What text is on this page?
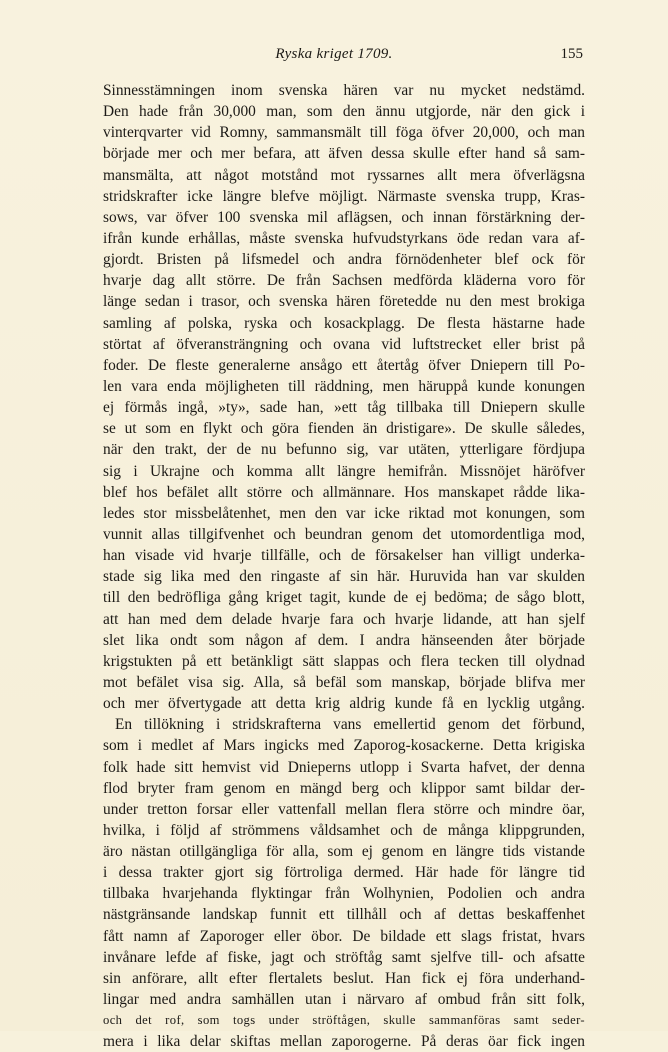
Ryska kriget 1709.	155
Sinnesstämningen inom svenska hären var nu mycket nedstämd.
Den hade från 30,000 man, som den ännu utgjorde, när den gick i
vinterqvarter vid Romny, sammansmält till föga öfver 20,000, och man
började mer och mer befara, att äfven dessa skulle efter hand så sam-
mansmälta, att något motstånd mot ryssarnes allt mera öfverlägsna
stridskrafter icke längre blefve möjligt. Närmaste svenska trupp, Kras-
sows, var öfver 100 svenska mil aflägsen, och innan förstärkning der-
ifrån kunde erhållas, måste svenska hufvudstyrkans öde redan vara af-
gjordt. Bristen på lifsmedel och andra förnödenheter blef ock för
hvarje dag allt större. De från Sachsen medförda kläderna voro för
länge sedan i trasor, och svenska hären företedde nu den mest brokiga
samling af polska, ryska och kosackplagg. De flesta hästarne hade
störtat af öfveransträngning och ovana vid luftstrecket eller brist på
foder. De fleste generalerne ansågo ett återtåg öfver Dniepern till Po-
len vara enda möjligheten till räddning, men häruppå kunde konungen
ej förmås ingå, »ty», sade han, »ett tåg tillbaka till Dniepern skulle
se ut som en flykt och göra fienden än dristigare». De skulle således,
när den trakt, der de nu befunno sig, var utäten, ytterligare fördjupa
sig i Ukrajne och komma allt längre hemifrån. Missnöjet häröfver
blef hos befälet allt större och allmännare. Hos manskapet rådde lika-
ledes stor missbelåtenhet, men den var icke riktad mot konungen, som
vunnit allas tillgifvenhet och beundran genom det utomordentliga mod,
han visade vid hvarje tillfälle, och de försakelser han villigt underka-
stade sig lika med den ringaste af sin här. Huruvida han var skulden
till den bedröfliga gång kriget tagit, kunde de ej bedöma; de sågo blott,
att han med dem delade hvarje fara och hvarje lidande, att han sjelf
slet lika ondt som någon af dem. I andra hänseenden åter började
krigstukten på ett betänkligt sätt slappas och flera tecken till olydnad
mot befälet visa sig. Alla, så befäl som manskap, började blifva mer
och mer öfvertygade att detta krig aldrig kunde få en lycklig utgång.
En tillökning i stridskrafterna vans emellertid genom det förbund,
som i medlet af Mars ingicks med Zaporog-kosackerne. Detta krigiska
folk hade sitt hemvist vid Dnieperns utlopp i Svarta hafvet, der denna
flod bryter fram genom en mängd berg och klippor samt bildar der-
under tretton forsar eller vattenfall mellan flera större och mindre öar,
hvilka, i följd af strömmens våldsamhet och de många klippgrunden,
äro nästan otillgängliga för alla, som ej genom en längre tids vistande
i dessa trakter gjort sig förtroliga dermed. Här hade för längre tid
tillbaka hvarjehanda flyktingar från Wolhynien, Podolien och andra
nästgränsande landskap funnit ett tillhåll och af dettas beskaffenhet
fått namn af Zaporoger eller öbor. De bildade ett slags fristat, hvars
invånare lefde af fiske, jagt och ströftåg samt sjelfve till- och afsatte
sin anförare, allt efter flertalets beslut. Han fick ej föra underhand-
lingar med andra samhällen utan i närvaro af ombud från sitt folk,
och det rof, som togs under ströftågen, skulle sammanföras samt seder-
mera i lika delar skiftas mellan zaporogerne. På deras öar fick ingen
